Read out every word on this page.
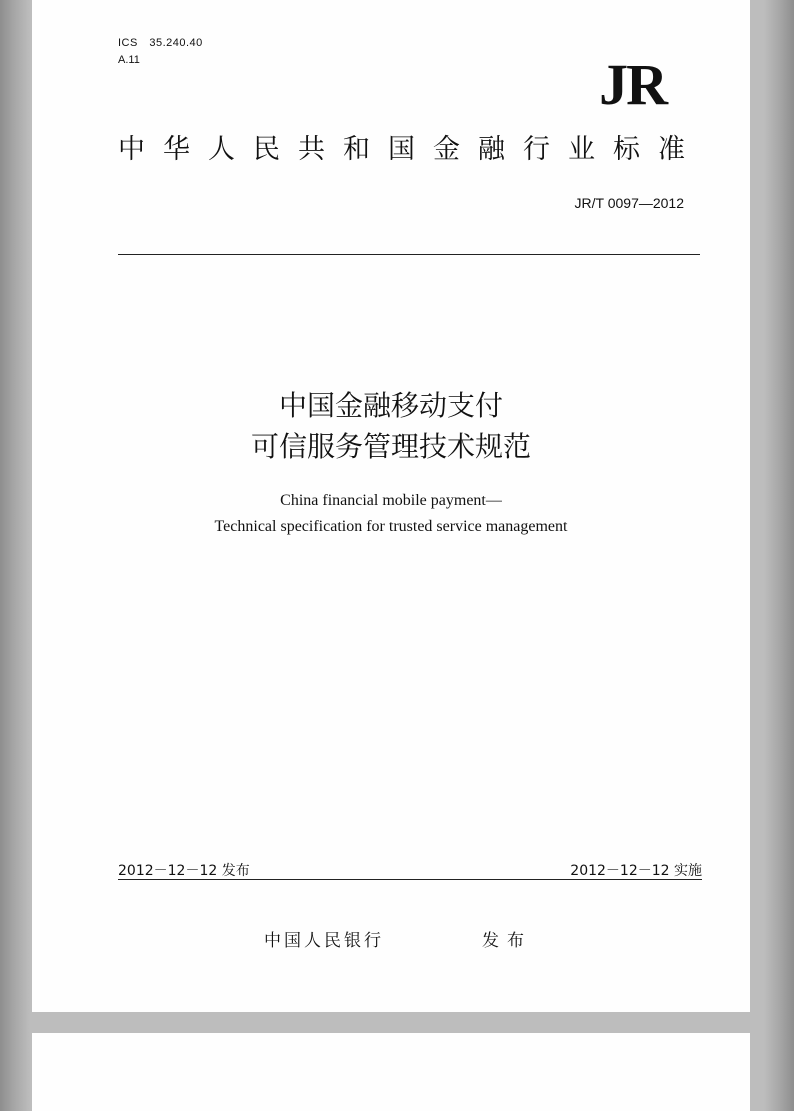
ICS　35.240.40
A.11	JR
中华人民共和国金融行业标准
JR/T 0097—2012
中国金融移动支付
可信服务管理技术规范
China financial mobile payment—
Technical specification for trusted service management
2012－12－12 发布	2012－12－12 实施
中国人民银行	发布
